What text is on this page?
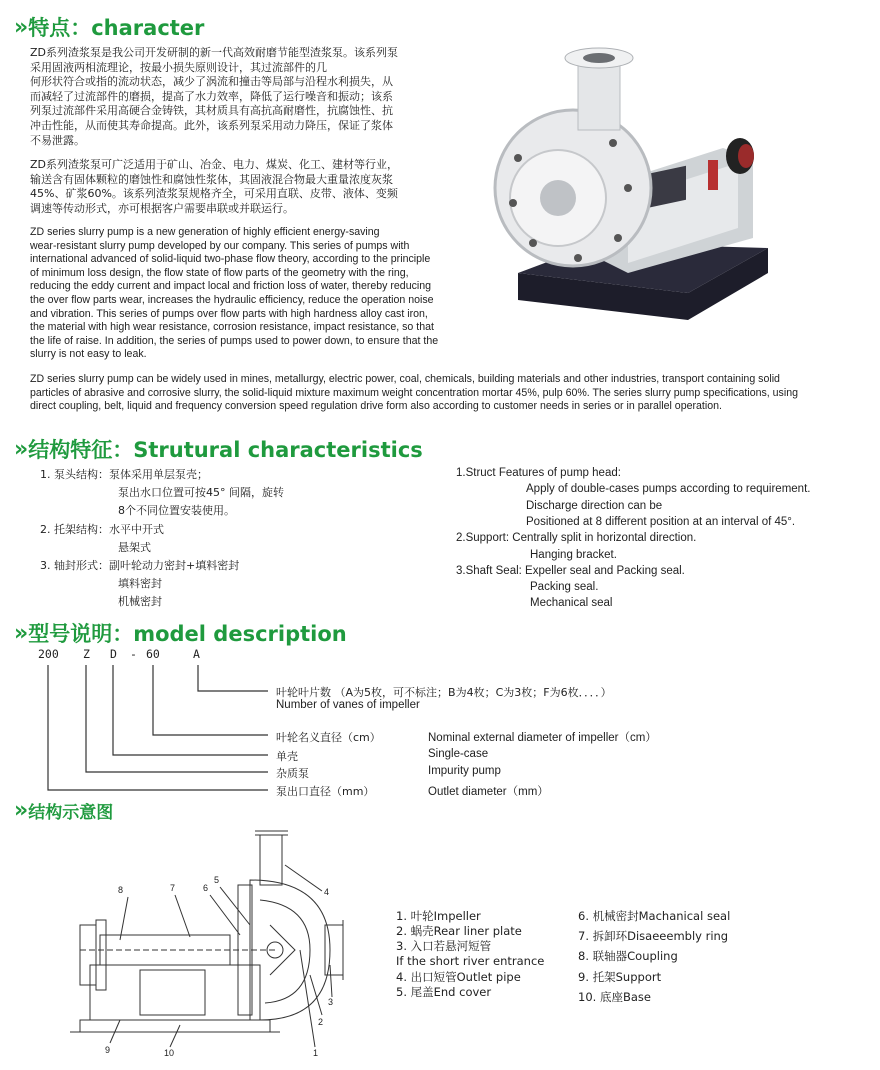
» 特点：character
ZD系列渣浆泵是我公司开发研制的新一代高效耐磨节能型渣浆泵。该系列泵
采用固液两相流理论，按最小损失原则设计，其过流部件的几
何形状符合或指的流动状态，减少了涡流和撞击等局部与沿程水利损失，从
而减轻了过流部件的磨损，提高了水力效率，降低了运行噪音和振动；该系
列泵过流部件采用高硬合金铸铁，其材质具有高抗高耐磨性，抗腐蚀性、抗
冲击性能，从而使其寿命提高。此外，该系列泵采用动力降压，保证了浆体
不易泄露。
ZD系列渣浆泵可广泛适用于矿山、冶金、电力、煤炭、化工、建材等行业，
输送含有固体颗粒的磨蚀性和腐蚀性浆体，其固液混合物最大重量浓度灰浆
45%、矿浆60%。该系列渣浆泵规格齐全，可采用直联、皮带、液体、变频
调速等传动形式，亦可根据客户需要串联或并联运行。
ZD series slurry pump is a new generation of highly efficient energy-saving
wear-resistant slurry pump developed by our company. This series of pumps with
international advanced of solid-liquid two-phase flow theory, according to the principle
of minimum loss design, the flow state of flow parts of the geometry with the ring,
reducing the eddy current and impact local and friction loss of water, thereby reducing
the over flow parts wear, increases the hydraulic efficiency, reduce the operation noise
and vibration. This series of pumps over flow parts with high hardness alloy cast iron,
the material with high wear resistance, corrosion resistance, impact resistance, so that
the life of raise. In addition, the series of pumps used to power down, to ensure that the
slurry is not easy to leak.
ZD series slurry pump can be widely used in mines, metallurgy, electric power, coal, chemicals, building materials and other industries, transport containing solid
particles of abrasive and corrosive slurry, the solid-liquid mixture maximum weight concentration mortar 45%, pulp 60%. The series slurry pump specifications, using
direct coupling, belt, liquid and frequency conversion speed regulation drive form also according to customer needs in series or in parallel operation.
» 结构特征：Strutural characteristics
1. 泵头结构：泵体采用单层泵壳；
泵出水口位置可按45° 间隔，旋转
8个不同位置安装使用。
2. 托架结构：水平中开式
悬架式
3. 轴封形式：副叶轮动力密封+填料密封
填料密封
机械密封
1.Struct Features of pump head:
Apply of double-cases pumps according to requirement.
Discharge direction can be
Positioned at 8 different position at an interval of 45°.
2.Support: Centrally split in horizontal direction.
Hanging bracket.
3.Shaft Seal: Expeller seal and Packing seal.
Packing seal.
Mechanical seal
» 型号说明：model description
200 Z D - 60	A
叶轮叶片数 （A为5枚，可不标注；B为4枚；C为3枚；F为6枚．．．．）
Number of vanes of impeller
叶轮名义直径（cm）	Nominal external diameter of impeller（cm）
单壳	Single-case
杂质泵	Impurity pump
泵出口直径（mm）	Outlet diameter（mm）
» 结构示意图
8	7	6
5
4
1
2
3
9	10
1. 叶轮Impeller
2. 蜗壳Rear liner plate
3. 入口若悬河短管
If the short river entrance
4. 出口短管Outlet pipe
5. 尾盖End cover
6. 机械密封Machanical seal
7. 拆卸环Disaeeembly ring
8. 联轴器Coupling
9. 托架Support
10. 底座Base
